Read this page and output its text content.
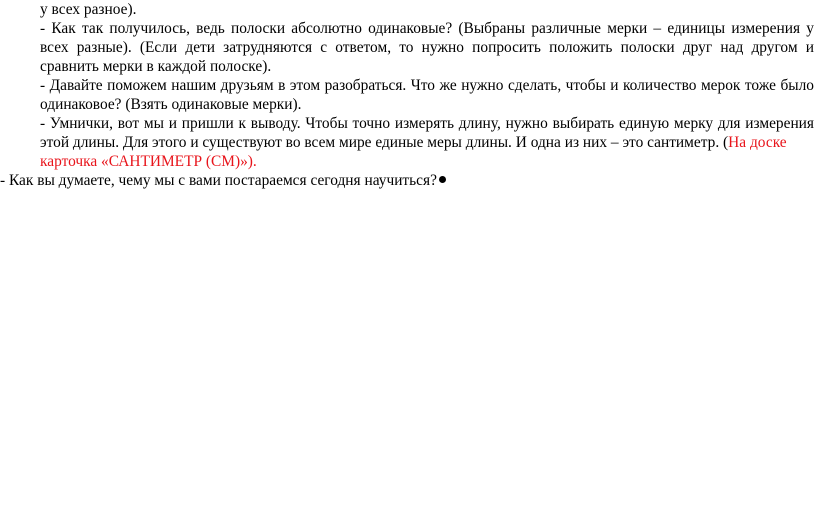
у всех разное).
- Как так получилось, ведь полоски абсолютно одинаковые? (Выбраны различные мерки – единицы измерения у
всех разные). (Если дети затрудняются с ответом, то нужно попросить положить полоски друг над другом и
сравнить мерки в каждой полоске).
- Давайте поможем нашим друзьям в этом разобраться. Что же нужно сделать, чтобы и количество мерок тоже было
одинаковое? (Взять одинаковые мерки).
- Умнички, вот мы и пришли к выводу. Чтобы точно измерять длину, нужно выбирать единую мерку для измерения
этой длины. Для этого и существуют во всем мире единые меры длины. И одна из них – это сантиметр. (На доске
карточка «САНТИМЕТР (СМ)»).
- Как вы думаете, чему мы с вами постараемся сегодня научиться?
